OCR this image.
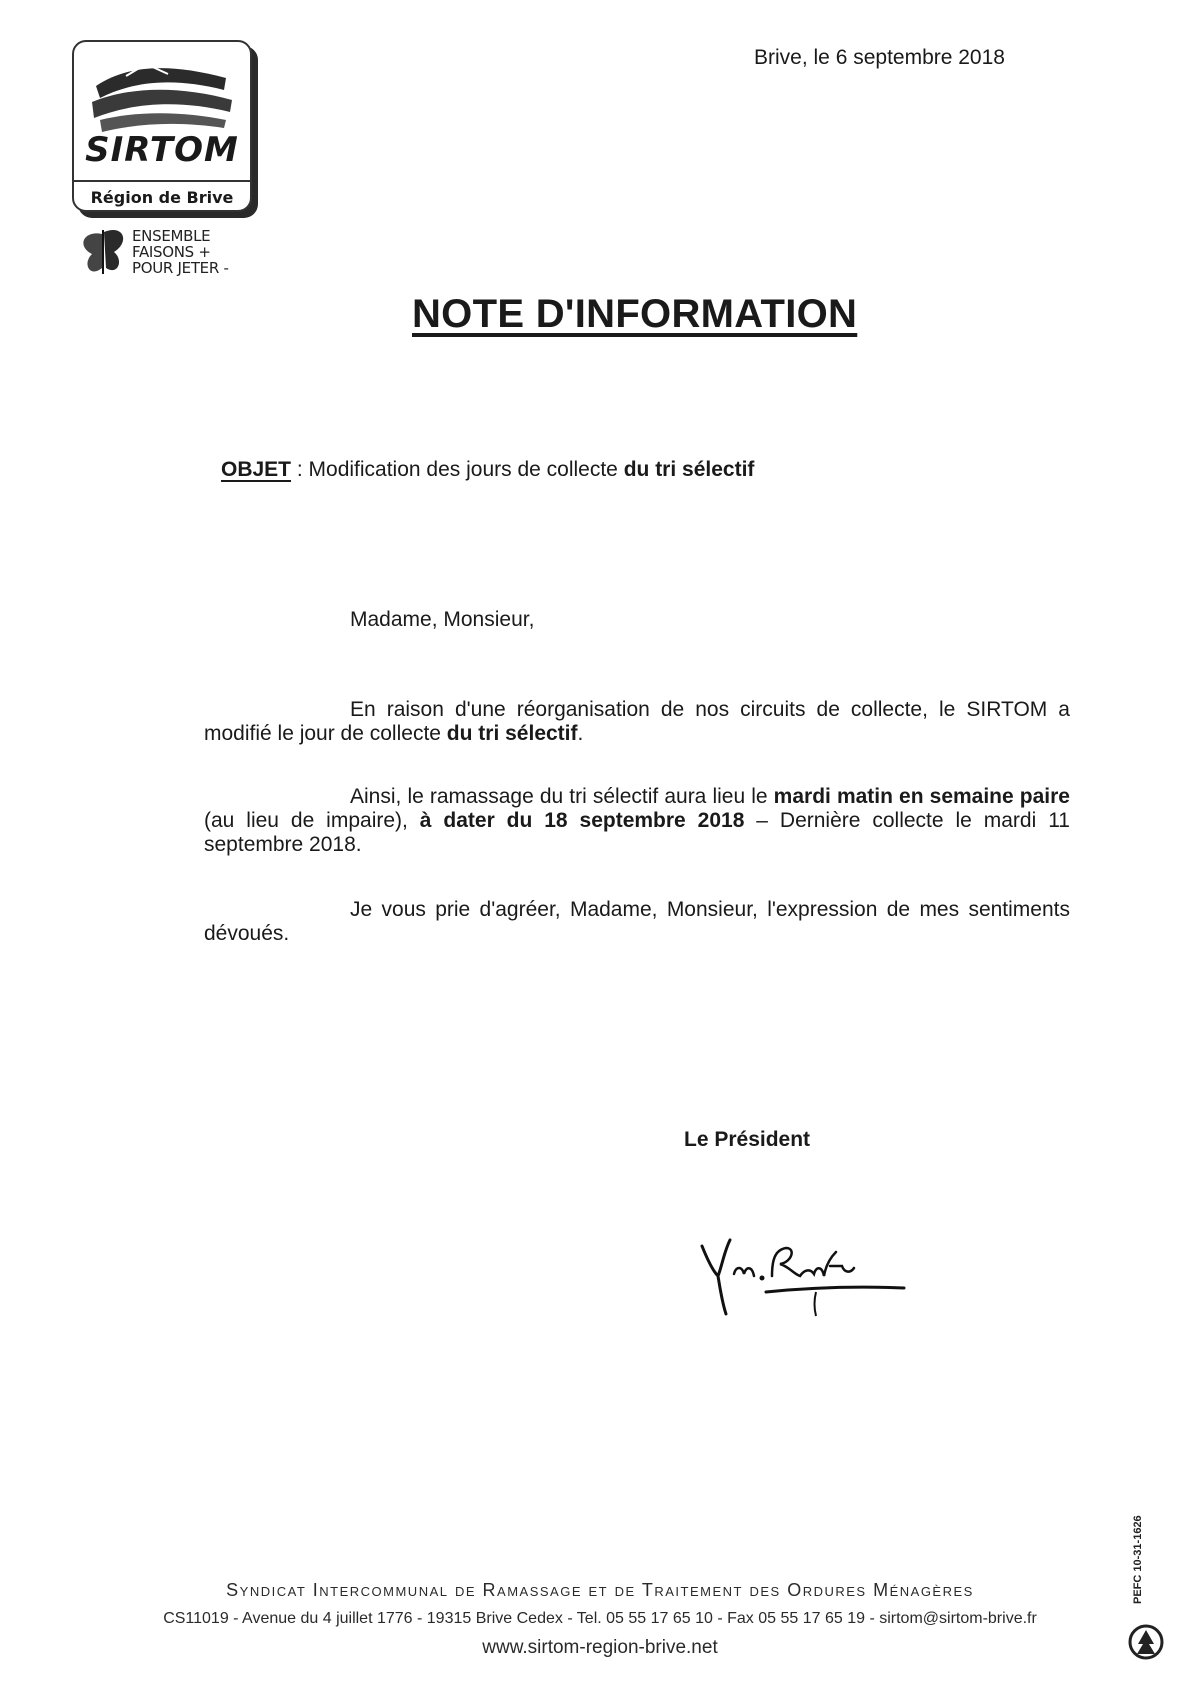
SIRTOM
Région de Brive
ENSEMBLE
FAISONS +
POUR JETER -
Brive, le 6 septembre 2018
NOTE D'INFORMATION
OBJET : Modification des jours de collecte du tri sélectif
Madame, Monsieur,
En raison d'une réorganisation de nos circuits de collecte, le SIRTOM a modifié le jour de collecte du tri sélectif.
Ainsi, le ramassage du tri sélectif aura lieu le mardi matin en semaine paire (au lieu de impaire), à dater du 18 septembre 2018 – Dernière collecte le mardi 11 septembre 2018.
Je vous prie d'agréer, Madame, Monsieur, l'expression de mes sentiments dévoués.
Le Président
Syndicat Intercommunal de Ramassage et de Traitement des Ordures Ménagères
CS11019 - Avenue du 4 juillet 1776 - 19315 Brive Cedex - Tel. 05 55 17 65 10 - Fax 05 55 17 65 19 - sirtom@sirtom-brive.fr
www.sirtom-region-brive.net
PEFC 10-31-1626
